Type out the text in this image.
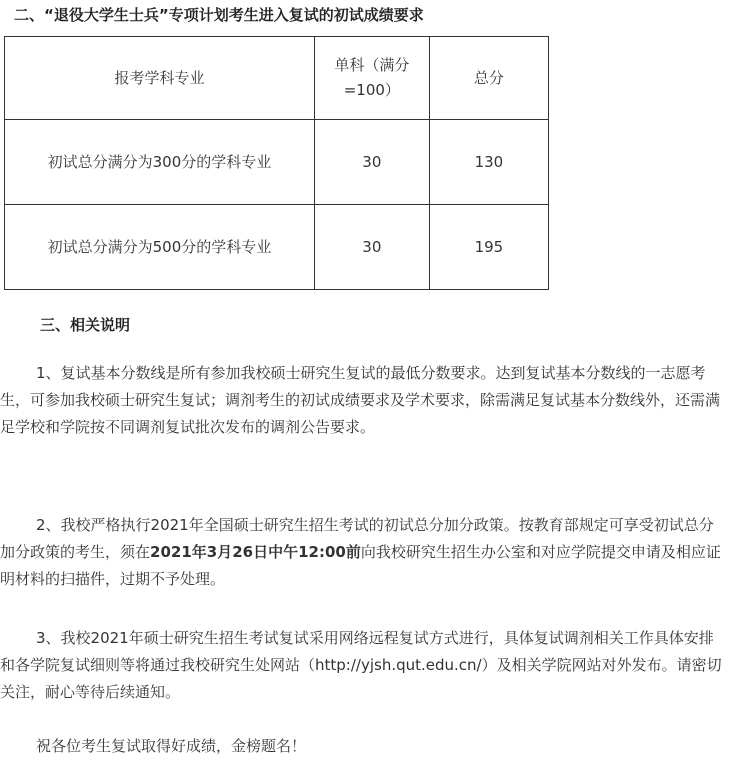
二、“退役大学生士兵”专项计划考生进入复试的初试成绩要求
报考学科专业	单科（满分=100）	总分
初试总分满分为300分的学科专业	30	130
初试总分满分为500分的学科专业	30	195
三、相关说明
1、复试基本分数线是所有参加我校硕士研究生复试的最低分数要求。达到复试基本分数线的一志愿考生，可参加我校硕士研究生复试；调剂考生的初试成绩要求及学术要求，除需满足复试基本分数线外，还需满足学校和学院按不同调剂复试批次发布的调剂公告要求。
2、我校严格执行2021年全国硕士研究生招生考试的初试总分加分政策。按教育部规定可享受初试总分加分政策的考生，须在2021年3月26日中午12:00前向我校研究生招生办公室和对应学院提交申请及相应证明材料的扫描件，过期不予处理。
3、我校2021年硕士研究生招生考试复试采用网络远程复试方式进行，具体复试调剂相关工作具体安排和各学院复试细则等将通过我校研究生处网站（http://yjsh.qut.edu.cn/）及相关学院网站对外发布。请密切关注，耐心等待后续通知。
祝各位考生复试取得好成绩，金榜题名！
